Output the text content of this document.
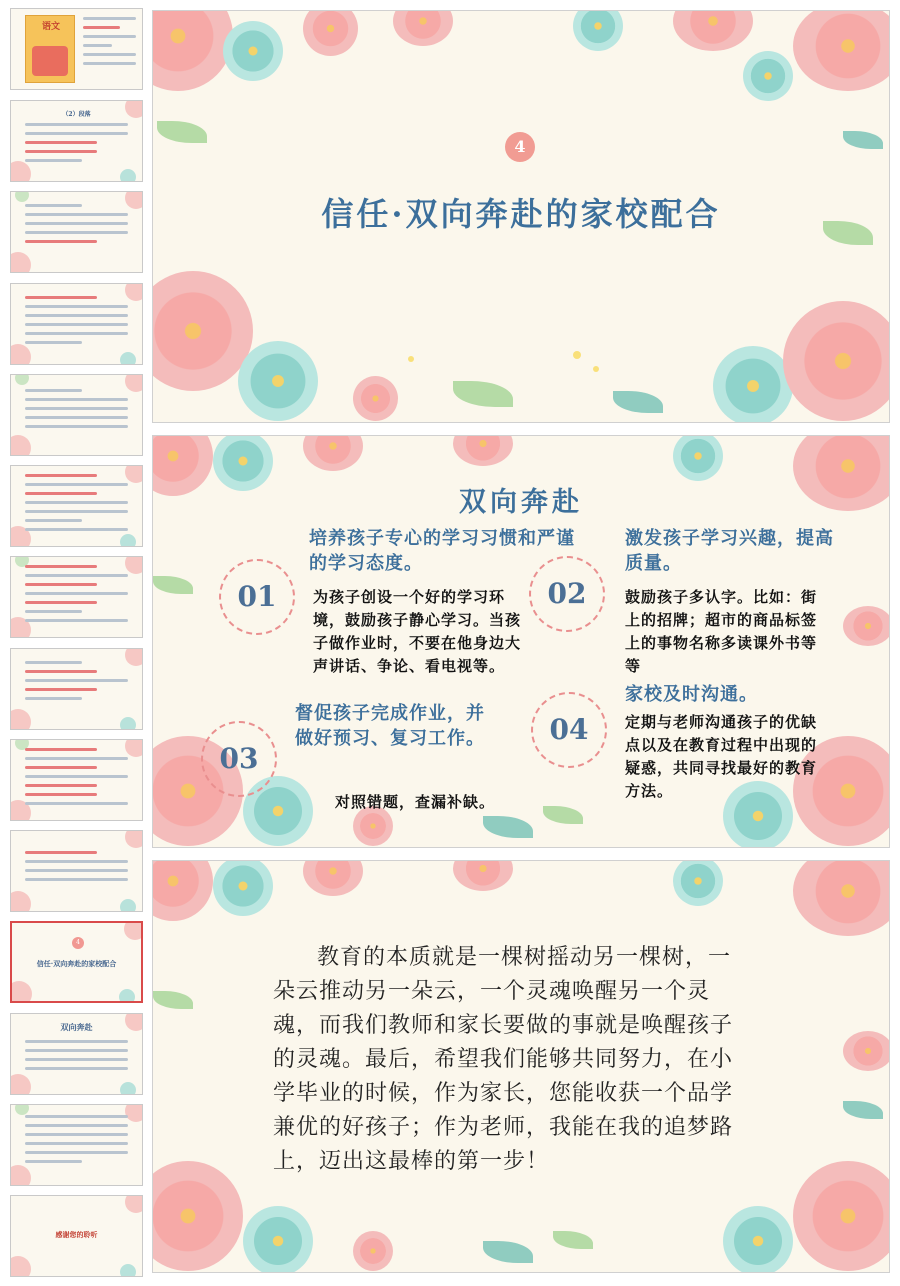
语文
（2）段落
4
信任·双向奔赴的家校配合
双向奔赴
感谢您的聆听
4
信任·双向奔赴的家校配合
双向奔赴
01
培养孩子专心的学习习惯和严谨的学习态度。
为孩子创设一个好的学习环境，鼓励孩子静心学习。当孩子做作业时，不要在他身边大声讲话、争论、看电视等。
02
激发孩子学习兴趣，提高质量。
鼓励孩子多认字。比如：街上的招牌；超市的商品标签上的事物名称多读课外书等等
03
督促孩子完成作业，并做好预习、复习工作。
对照错题，查漏补缺。
04
家校及时沟通。
定期与老师沟通孩子的优缺点以及在教育过程中出现的疑惑，共同寻找最好的教育方法。
教育的本质就是一棵树摇动另一棵树，一朵云推动另一朵云，一个灵魂唤醒另一个灵魂，而我们教师和家长要做的事就是唤醒孩子的灵魂。最后，希望我们能够共同努力，在小学毕业的时候，作为家长，您能收获一个品学兼优的好孩子；作为老师，我能在我的追梦路上，迈出这最棒的第一步！
